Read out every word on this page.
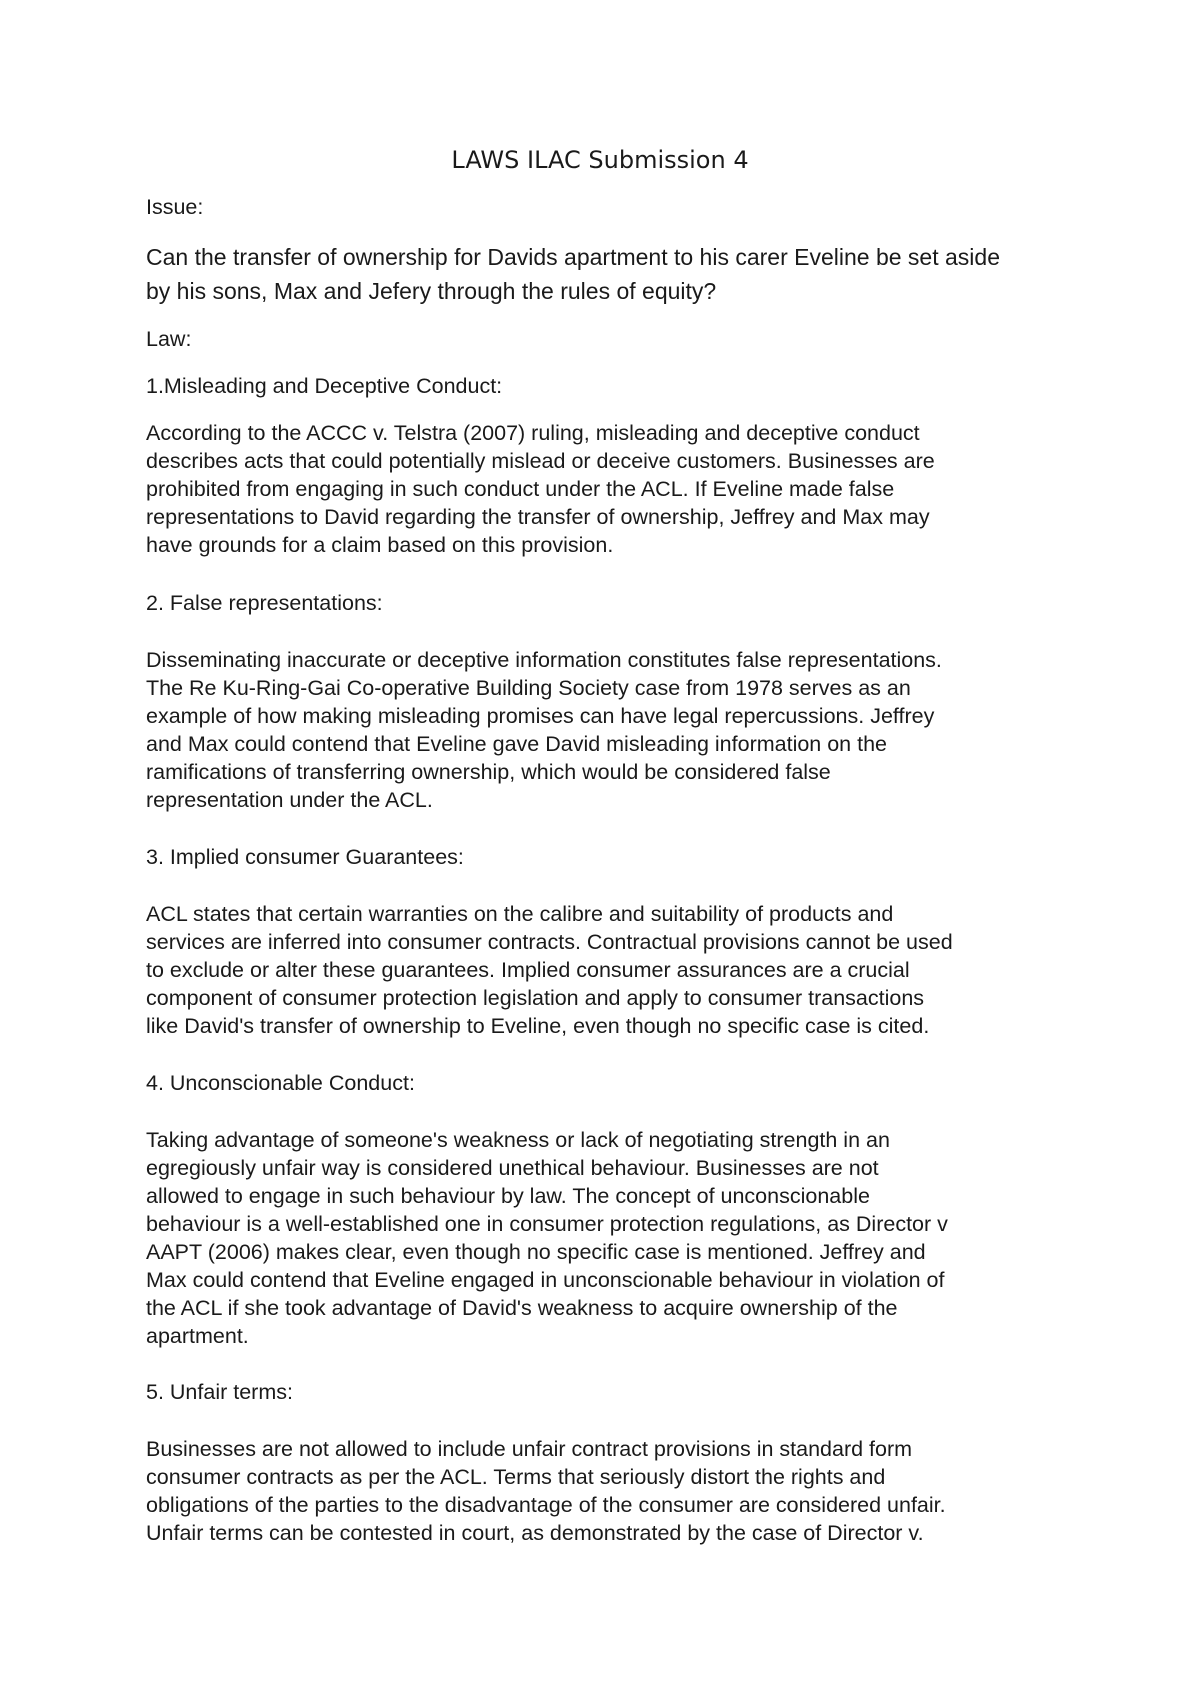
LAWS ILAC Submission 4

Issue:

Can the transfer of ownership for Davids apartment to his carer Eveline be set aside
by his sons, Max and Jefery through the rules of equity?

Law:

1.Misleading and Deceptive Conduct:

According to the ACCC v. Telstra (2007) ruling, misleading and deceptive conduct
describes acts that could potentially mislead or deceive customers. Businesses are
prohibited from engaging in such conduct under the ACL. If Eveline made false
representations to David regarding the transfer of ownership, Jeffrey and Max may
have grounds for a claim based on this provision.

2. False representations:

Disseminating inaccurate or deceptive information constitutes false representations.
The Re Ku-Ring-Gai Co-operative Building Society case from 1978 serves as an
example of how making misleading promises can have legal repercussions. Jeffrey
and Max could contend that Eveline gave David misleading information on the
ramifications of transferring ownership, which would be considered false
representation under the ACL.

3. Implied consumer Guarantees:

ACL states that certain warranties on the calibre and suitability of products and
services are inferred into consumer contracts. Contractual provisions cannot be used
to exclude or alter these guarantees. Implied consumer assurances are a crucial
component of consumer protection legislation and apply to consumer transactions
like David's transfer of ownership to Eveline, even though no specific case is cited.

4. Unconscionable Conduct:

Taking advantage of someone's weakness or lack of negotiating strength in an
egregiously unfair way is considered unethical behaviour. Businesses are not
allowed to engage in such behaviour by law. The concept of unconscionable
behaviour is a well-established one in consumer protection regulations, as Director v
AAPT (2006) makes clear, even though no specific case is mentioned. Jeffrey and
Max could contend that Eveline engaged in unconscionable behaviour in violation of
the ACL if she took advantage of David's weakness to acquire ownership of the
apartment.

5. Unfair terms:

Businesses are not allowed to include unfair contract provisions in standard form
consumer contracts as per the ACL. Terms that seriously distort the rights and
obligations of the parties to the disadvantage of the consumer are considered unfair.
Unfair terms can be contested in court, as demonstrated by the case of Director v.
